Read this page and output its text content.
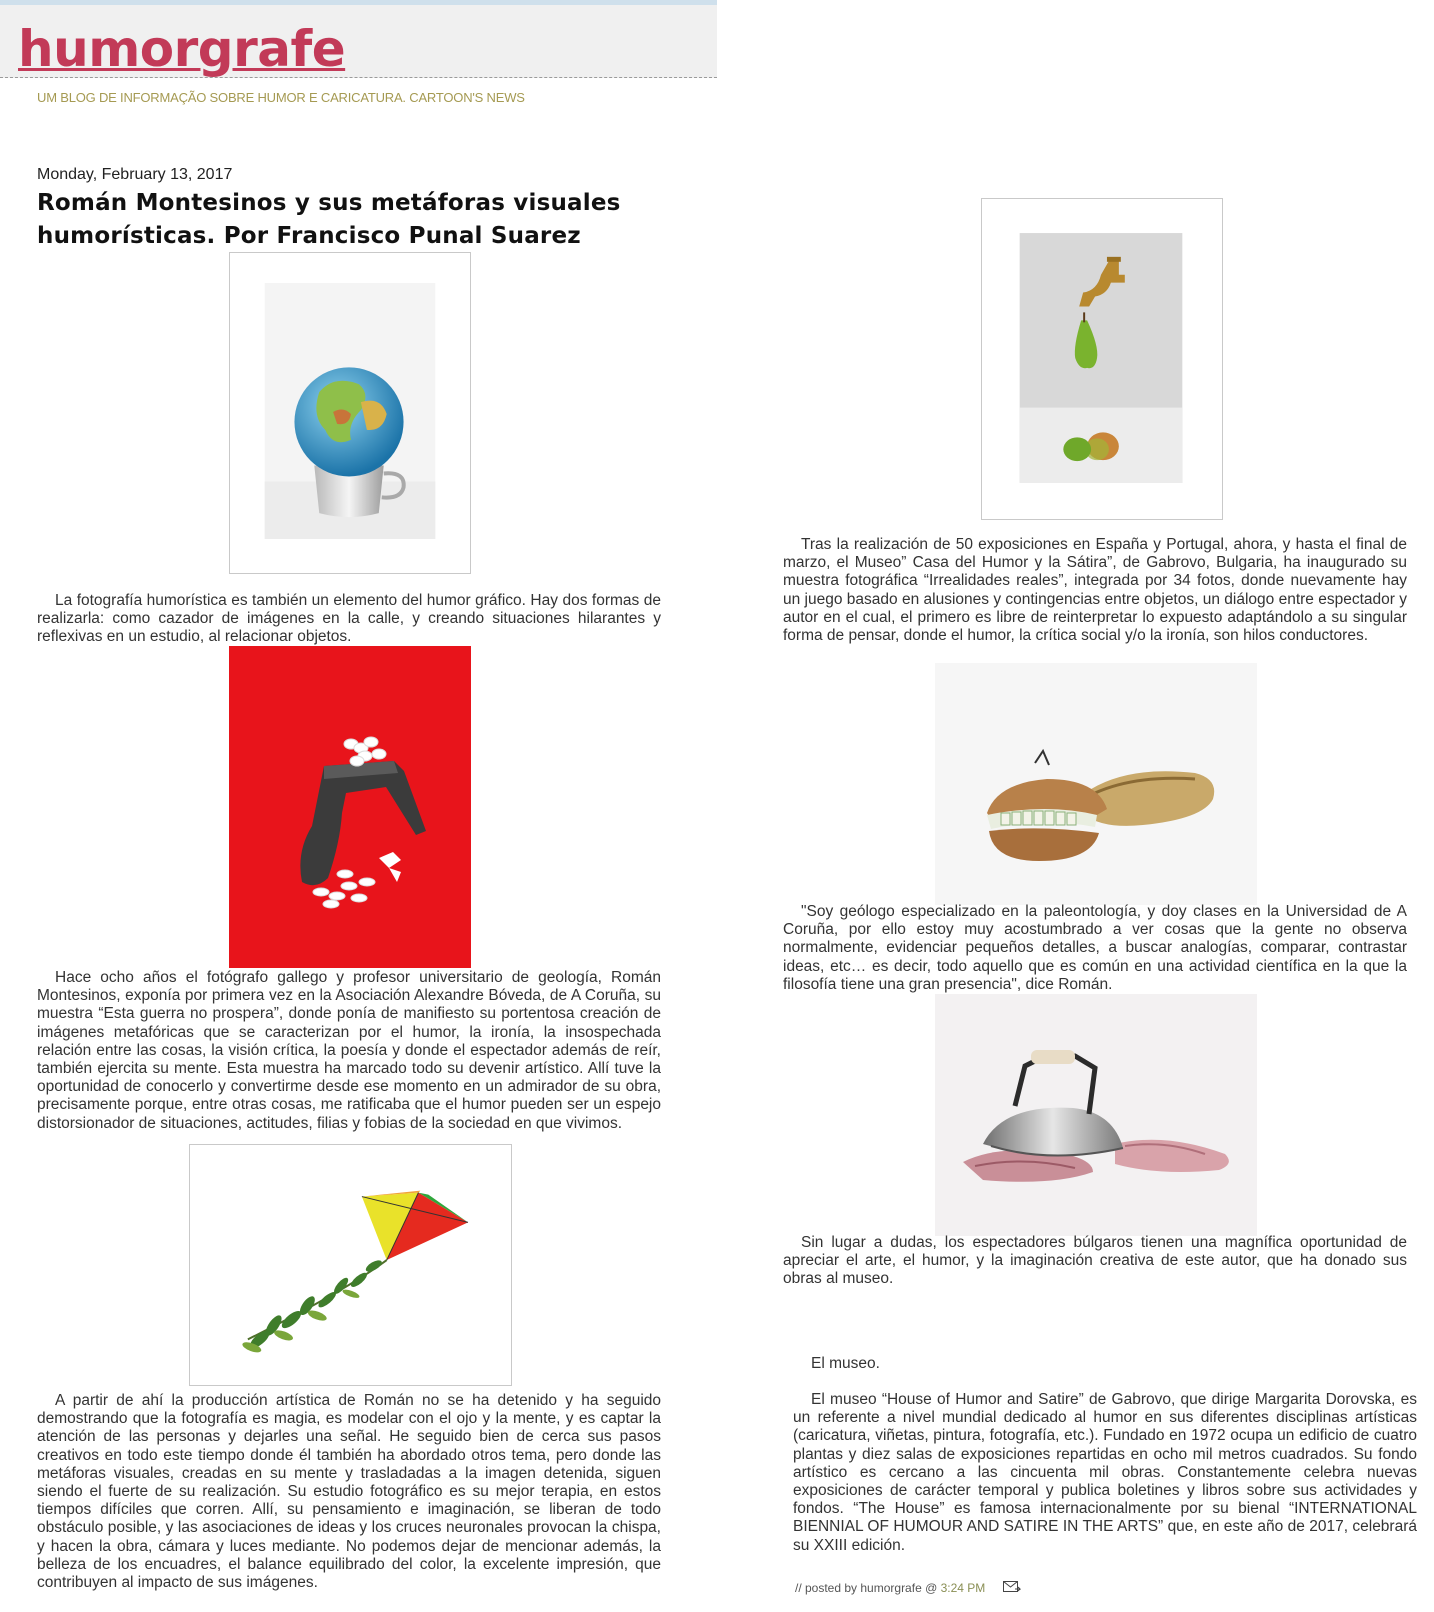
humorgrafe
UM BLOG DE INFORMAÇÃO SOBRE HUMOR E CARICATURA. CARTOON'S NEWS
Monday, February 13, 2017
Román Montesinos y sus metáforas visuales humorísticas. Por Francisco Punal Suarez

La fotografía humorística es también un elemento del humor gráfico. Hay dos formas de realizarla: como cazador de imágenes en la calle, y creando situaciones hilarantes y reflexivas en un estudio, al relacionar objetos.

Hace ocho años el fotógrafo gallego y profesor universitario de geología, Román Montesinos, exponía por primera vez en la Asociación Alexandre Bóveda, de A Coruña, su muestra “Esta guerra no prospera”, donde ponía de manifiesto su portentosa creación de imágenes metafóricas que se caracterizan por el humor, la ironía, la insospechada relación entre las cosas, la visión crítica, la poesía y donde el espectador además de reír, también ejercita su mente. Esta muestra ha marcado todo su devenir artístico. Allí tuve la oportunidad de conocerlo y convertirme desde ese momento en un admirador de su obra, precisamente porque, entre otras cosas, me ratificaba que el humor pueden ser un espejo distorsionador de situaciones, actitudes, filias y fobias de la sociedad en que vivimos.

A partir de ahí la producción artística de Román no se ha detenido y ha seguido demostrando que la fotografía es magia, es modelar con el ojo y la mente, y es captar la atención de las personas y dejarles una señal. He seguido bien de cerca sus pasos creativos en todo este tiempo donde él también ha abordado otros tema, pero donde las metáforas visuales, creadas en su mente y trasladadas a la imagen detenida, siguen siendo el fuerte de su realización. Su estudio fotográfico es su mejor terapia, en estos tiempos difíciles que corren. Allí, su pensamiento e imaginación, se liberan de todo obstáculo posible, y las asociaciones de ideas y los cruces neuronales provocan la chispa, y hacen la obra, cámara y luces mediante. No podemos dejar de mencionar además, la belleza de los encuadres, el balance equilibrado del color, la excelente impresión, que contribuyen al impacto de sus imágenes.

Tras la realización de 50 exposiciones en España y Portugal, ahora, y hasta el final de marzo, el Museo” Casa del Humor y la Sátira”, de Gabrovo, Bulgaria, ha inaugurado su muestra fotográfica “Irrealidades reales”, integrada por 34 fotos, donde nuevamente hay un juego basado en alusiones y contingencias entre objetos, un diálogo entre espectador y autor en el cual, el primero es libre de reinterpretar lo expuesto adaptándolo a su singular forma de pensar, donde el humor, la crítica social y/o la ironía, son hilos conductores.

"Soy geólogo especializado en la paleontología, y doy clases en la Universidad de A Coruña, por ello estoy muy acostumbrado a ver cosas que la gente no observa normalmente, evidenciar pequeños detalles, a buscar analogías, comparar, contrastar ideas, etc… es decir, todo aquello que es común en una actividad científica en la que la filosofía tiene una gran presencia", dice Román.

Sin lugar a dudas, los espectadores búlgaros tienen una magnífica oportunidad de apreciar el arte, el humor, y la imaginación creativa de este autor, que ha donado sus obras al museo.

El museo.

El museo “House of Humor and Satire” de Gabrovo, que dirige Margarita Dorovska, es un referente a nivel mundial dedicado al humor en sus diferentes disciplinas artísticas (caricatura, viñetas, pintura, fotografía, etc.). Fundado en 1972 ocupa un edificio de cuatro plantas y diez salas de exposiciones repartidas en ocho mil metros cuadrados. Su fondo artístico es cercano a las cincuenta mil obras. Constantemente celebra nuevas exposiciones de carácter temporal y publica boletines y libros sobre sus actividades y fondos. “The House” es famosa internacionalmente por su bienal “INTERNATIONAL BIENNIAL OF HUMOUR AND SATIRE IN THE ARTS” que, en este año de 2017, celebrará su XXIII edición.

// posted by humorgrafe @ 3:24 PM
